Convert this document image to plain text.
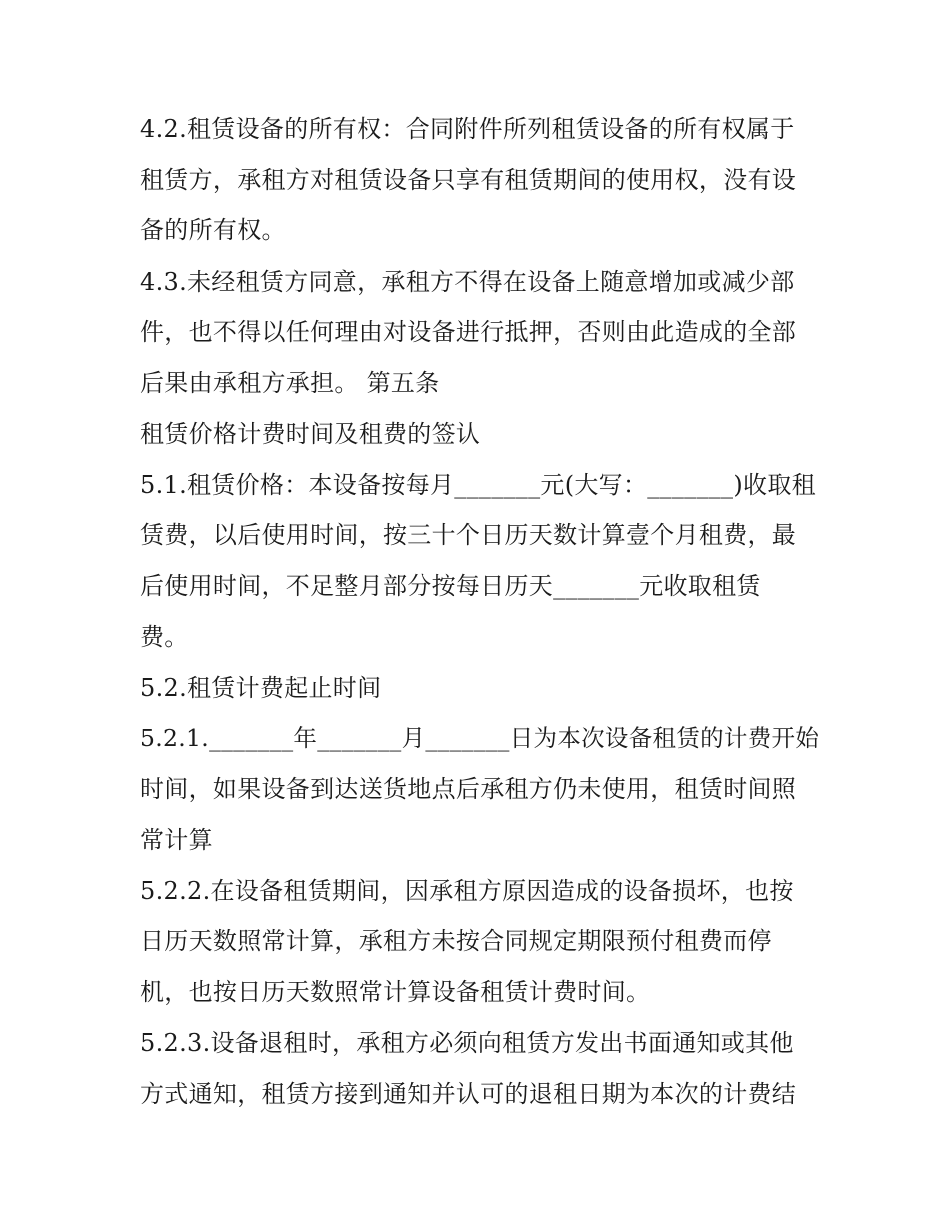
4.2.租赁设备的所有权：合同附件所列租赁设备的所有权属于
租赁方，承租方对租赁设备只享有租赁期间的使用权，没有设
备的所有权。
4.3.未经租赁方同意，承租方不得在设备上随意增加或减少部
件，也不得以任何理由对设备进行抵押，否则由此造成的全部
后果由承租方承担。 第五条
租赁价格计费时间及租费的签认
5.1.租赁价格：本设备按每月_______元(大写：_______)收取租
赁费，以后使用时间，按三十个日历天数计算壹个月租费，最
后使用时间，不足整月部分按每日历天_______元收取租赁
费。
5.2.租赁计费起止时间
5.2.1._______年_______月_______日为本次设备租赁的计费开始
时间，如果设备到达送货地点后承租方仍未使用，租赁时间照
常计算
5.2.2.在设备租赁期间，因承租方原因造成的设备损坏，也按
日历天数照常计算，承租方未按合同规定期限预付租费而停
机，也按日历天数照常计算设备租赁计费时间。
5.2.3.设备退租时，承租方必须向租赁方发出书面通知或其他
方式通知，租赁方接到通知并认可的退租日期为本次的计费结
